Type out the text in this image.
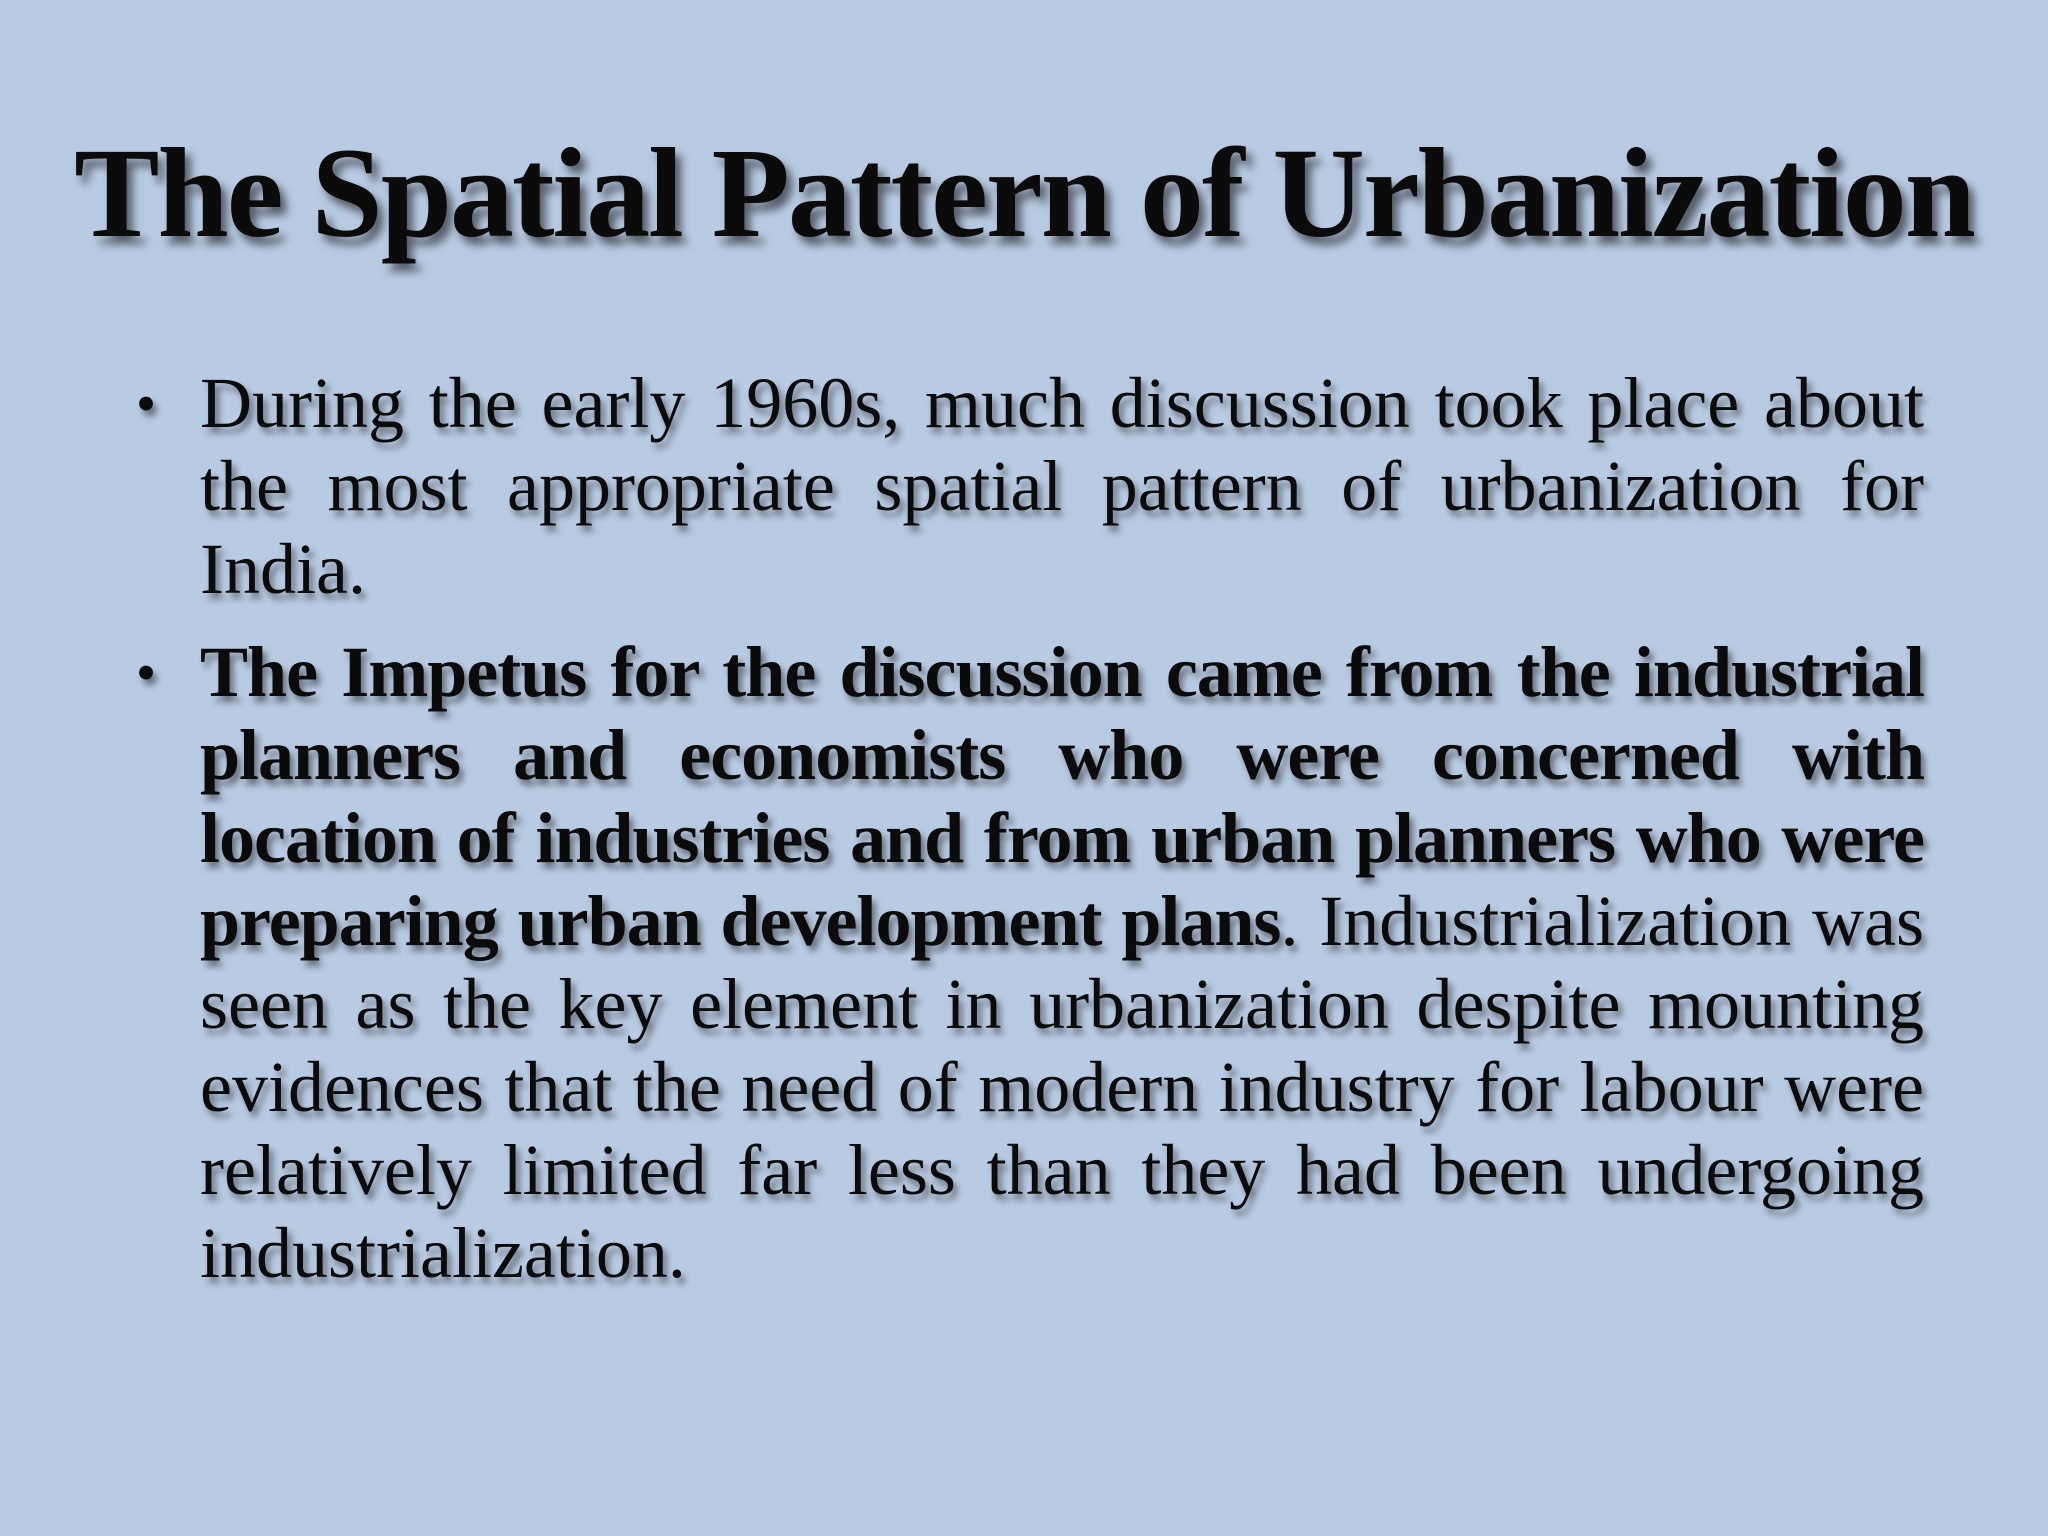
The Spatial Pattern of Urbanization
• During the early 1960s, much discussion took place about the most appropriate spatial pattern of urbanization for India.
• The Impetus for the discussion came from the industrial planners and economists who were concerned with location of industries and from urban planners who were preparing urban development plans. Industrialization was seen as the key element in urbanization despite mounting evidences that the need of modern industry for labour were relatively limited far less than they had been undergoing industrialization.
